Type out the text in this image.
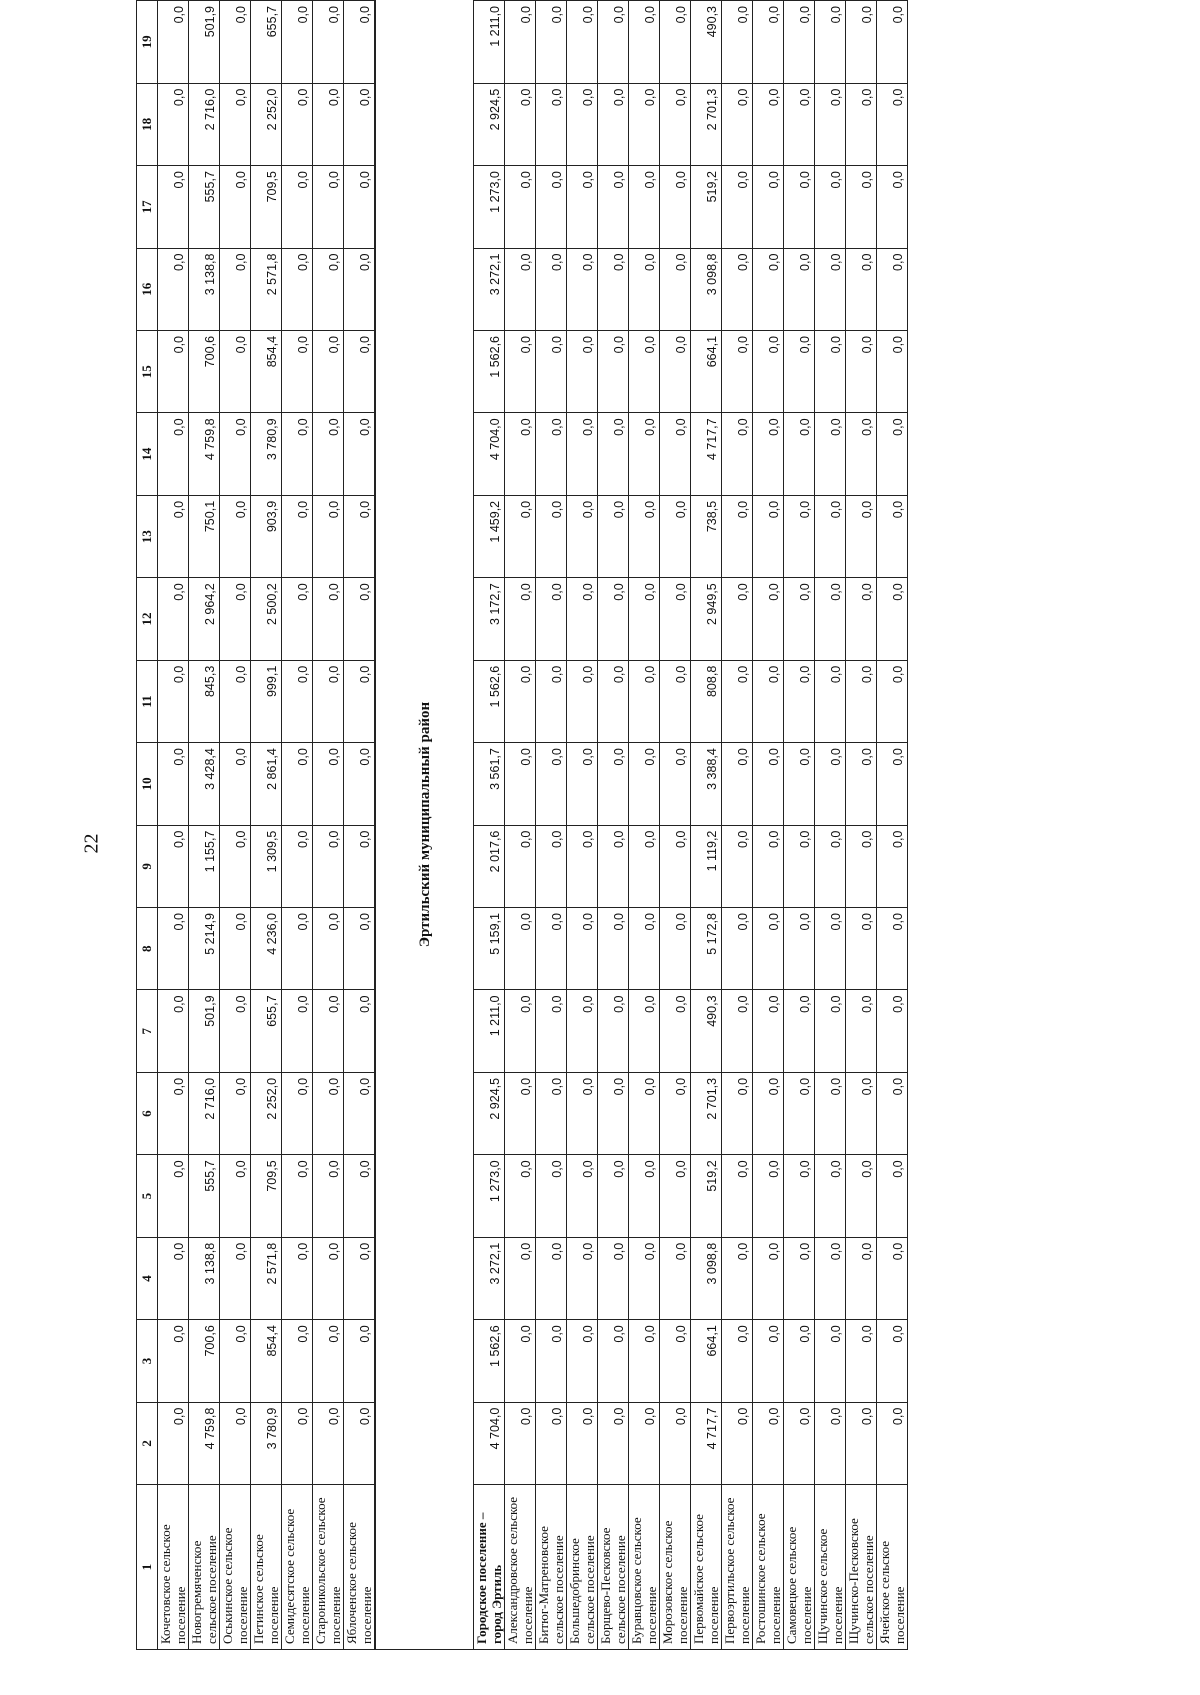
22
1	2	3	4	5	6	7	8	9	10	11	12	13	14	15	16	17	18	19
Кочетовское сельское поселение	0,0	0,0	0,0	0,0	0,0	0,0	0,0	0,0	0,0	0,0	0,0	0,0	0,0	0,0	0,0	0,0	0,0	0,0
Новогремяченское сельское поселение	4 759,8	700,6	3 138,8	555,7	2 716,0	501,9	5 214,9	1 155,7	3 428,4	845,3	2 964,2	750,1	4 759,8	700,6	3 138,8	555,7	2 716,0	501,9
Оськинское сельское поселение	0,0	0,0	0,0	0,0	0,0	0,0	0,0	0,0	0,0	0,0	0,0	0,0	0,0	0,0	0,0	0,0	0,0	0,0
Петинское сельское поселение	3 780,9	854,4	2 571,8	709,5	2 252,0	655,7	4 236,0	1 309,5	2 861,4	999,1	2 500,2	903,9	3 780,9	854,4	2 571,8	709,5	2 252,0	655,7
Семидесятское сельское поселение	0,0	0,0	0,0	0,0	0,0	0,0	0,0	0,0	0,0	0,0	0,0	0,0	0,0	0,0	0,0	0,0	0,0	0,0
Староникольское сельское поселение	0,0	0,0	0,0	0,0	0,0	0,0	0,0	0,0	0,0	0,0	0,0	0,0	0,0	0,0	0,0	0,0	0,0	0,0
Яблоченское сельское поселение	0,0	0,0	0,0	0,0	0,0	0,0	0,0	0,0	0,0	0,0	0,0	0,0	0,0	0,0	0,0	0,0	0,0	0,0
Эртильский муниципальный район
Городское поселение – город Эртиль	4 704,0	1 562,6	3 272,1	1 273,0	2 924,5	1 211,0	5 159,1	2 017,6	3 561,7	1 562,6	3 172,7	1 459,2	4 704,0	1 562,6	3 272,1	1 273,0	2 924,5	1 211,0
Александровское сельское поселение	0,0	0,0	0,0	0,0	0,0	0,0	0,0	0,0	0,0	0,0	0,0	0,0	0,0	0,0	0,0	0,0	0,0	0,0
Битюг-Матреновское сельское поселение	0,0	0,0	0,0	0,0	0,0	0,0	0,0	0,0	0,0	0,0	0,0	0,0	0,0	0,0	0,0	0,0	0,0	0,0
Большедобринское сельское поселение	0,0	0,0	0,0	0,0	0,0	0,0	0,0	0,0	0,0	0,0	0,0	0,0	0,0	0,0	0,0	0,0	0,0	0,0
Борщево-Песковское сельское поселение	0,0	0,0	0,0	0,0	0,0	0,0	0,0	0,0	0,0	0,0	0,0	0,0	0,0	0,0	0,0	0,0	0,0	0,0
Буравцовское сельское поселение	0,0	0,0	0,0	0,0	0,0	0,0	0,0	0,0	0,0	0,0	0,0	0,0	0,0	0,0	0,0	0,0	0,0	0,0
Морозовское сельское поселение	0,0	0,0	0,0	0,0	0,0	0,0	0,0	0,0	0,0	0,0	0,0	0,0	0,0	0,0	0,0	0,0	0,0	0,0
Первомайское сельское поселение	4 717,7	664,1	3 098,8	519,2	2 701,3	490,3	5 172,8	1 119,2	3 388,4	808,8	2 949,5	738,5	4 717,7	664,1	3 098,8	519,2	2 701,3	490,3
Первоэртильское сельское поселение	0,0	0,0	0,0	0,0	0,0	0,0	0,0	0,0	0,0	0,0	0,0	0,0	0,0	0,0	0,0	0,0	0,0	0,0
Ростошинское сельское поселение	0,0	0,0	0,0	0,0	0,0	0,0	0,0	0,0	0,0	0,0	0,0	0,0	0,0	0,0	0,0	0,0	0,0	0,0
Самовецкое сельское поселение	0,0	0,0	0,0	0,0	0,0	0,0	0,0	0,0	0,0	0,0	0,0	0,0	0,0	0,0	0,0	0,0	0,0	0,0
Щучинское сельское поселение	0,0	0,0	0,0	0,0	0,0	0,0	0,0	0,0	0,0	0,0	0,0	0,0	0,0	0,0	0,0	0,0	0,0	0,0
Щучинско-Песковское сельское поселение	0,0	0,0	0,0	0,0	0,0	0,0	0,0	0,0	0,0	0,0	0,0	0,0	0,0	0,0	0,0	0,0	0,0	0,0
Ячейское сельское поселение	0,0	0,0	0,0	0,0	0,0	0,0	0,0	0,0	0,0	0,0	0,0	0,0	0,0	0,0	0,0	0,0	0,0	0,0
